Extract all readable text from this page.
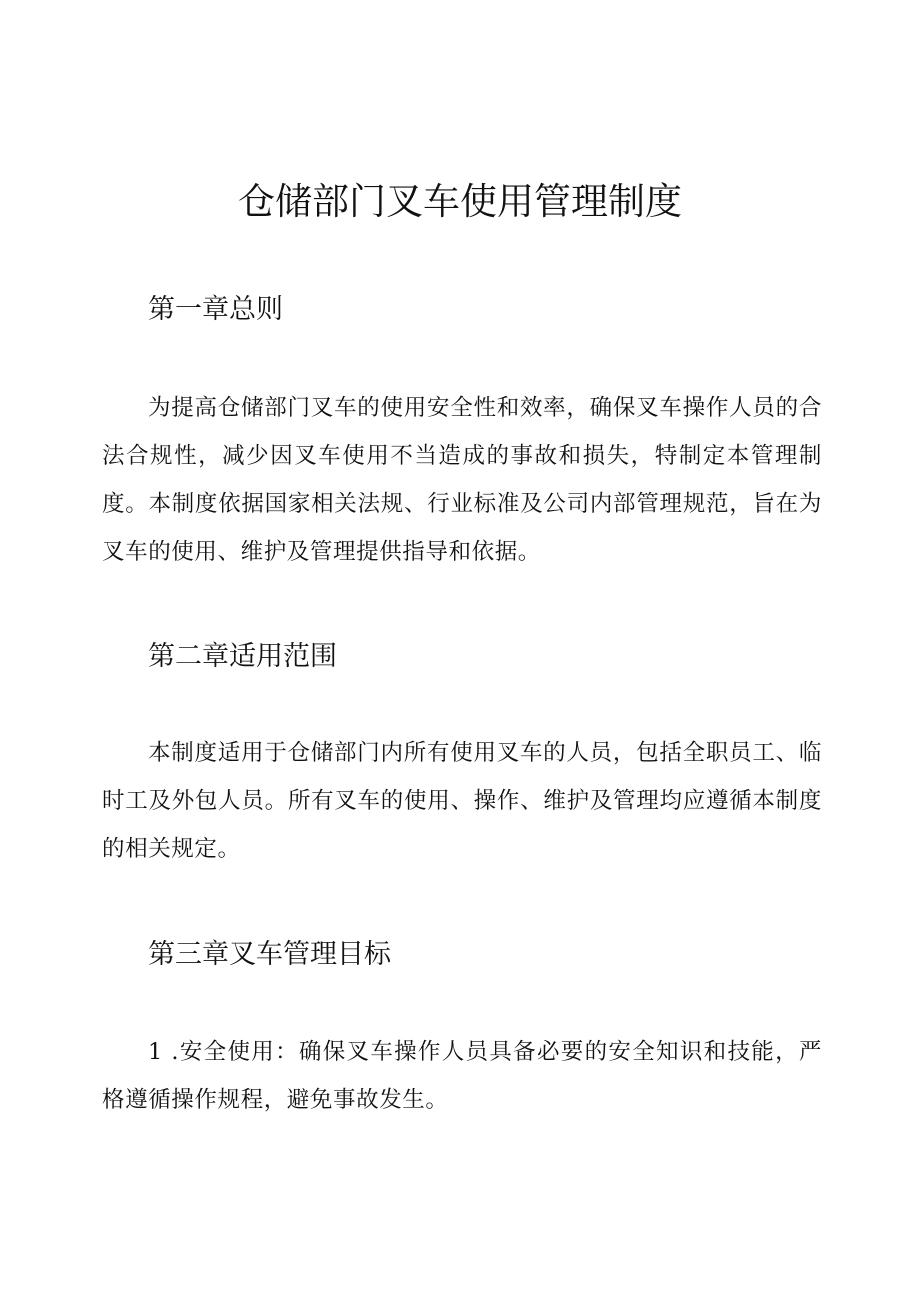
仓储部门叉车使用管理制度
第一章总则

为提高仓储部门叉车的使用安全性和效率，确保叉车操作人员的合法合规性，减少因叉车使用不当造成的事故和损失，特制定本管理制度。本制度依据国家相关法规、行业标准及公司内部管理规范，旨在为叉车的使用、维护及管理提供指导和依据。

第二章适用范围

本制度适用于仓储部门内所有使用叉车的人员，包括全职员工、临时工及外包人员。所有叉车的使用、操作、维护及管理均应遵循本制度的相关规定。

第三章叉车管理目标

1 .安全使用：确保叉车操作人员具备必要的安全知识和技能，严格遵循操作规程，避免事故发生。
